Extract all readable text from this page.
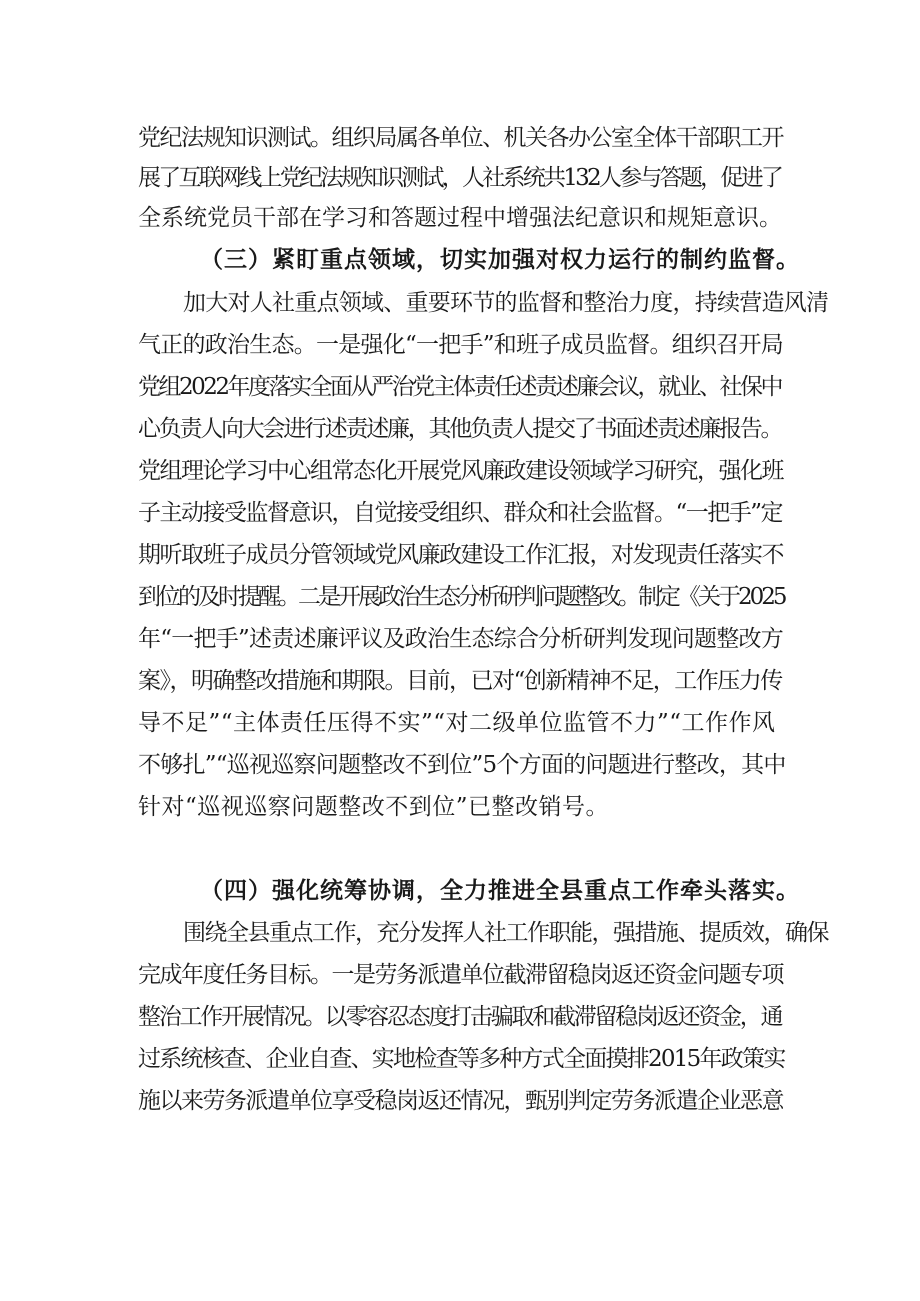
党纪法规知识测试。组织局属各单位、机关各办公室全体干部职工开
展了互联网线上党纪法规知识测试，人社系统共132人参与答题，促进了
全系统党员干部在学习和答题过程中增强法纪意识和规矩意识。
（三）紧盯重点领域，切实加强对权力运行的制约监督。
加大对人社重点领域、重要环节的监督和整治力度，持续营造风清
气正的政治生态。一是强化“一把手”和班子成员监督。组织召开局
党组2022年度落实全面从严治党主体责任述责述廉会议，就业、社保中
心负责人向大会进行述责述廉，其他负责人提交了书面述责述廉报告。
党组理论学习中心组常态化开展党风廉政建设领域学习研究，强化班
子主动接受监督意识，自觉接受组织、群众和社会监督。“一把手”定
期听取班子成员分管领域党风廉政建设工作汇报，对发现责任落实不
到位的及时提醒。二是开展政治生态分析研判问题整改。制定《关于2025
年“一把手”述责述廉评议及政治生态综合分析研判发现问题整改方
案》，明确整改措施和期限。目前，已对“创新精神不足，工作压力传
导不足”“主体责任压得不实”“对二级单位监管不力”“工作作风
不够扎”“巡视巡察问题整改不到位”5个方面的问题进行整改，其中
针对“巡视巡察问题整改不到位”已整改销号。
（四）强化统筹协调，全力推进全县重点工作牵头落实。
围绕全县重点工作，充分发挥人社工作职能，强措施、提质效，确保
完成年度任务目标。一是劳务派遣单位截滞留稳岗返还资金问题专项
整治工作开展情况。以零容忍态度打击骗取和截滞留稳岗返还资金，通
过系统核查、企业自查、实地检查等多种方式全面摸排2015年政策实
施以来劳务派遣单位享受稳岗返还情况，甄别判定劳务派遣企业恶意
